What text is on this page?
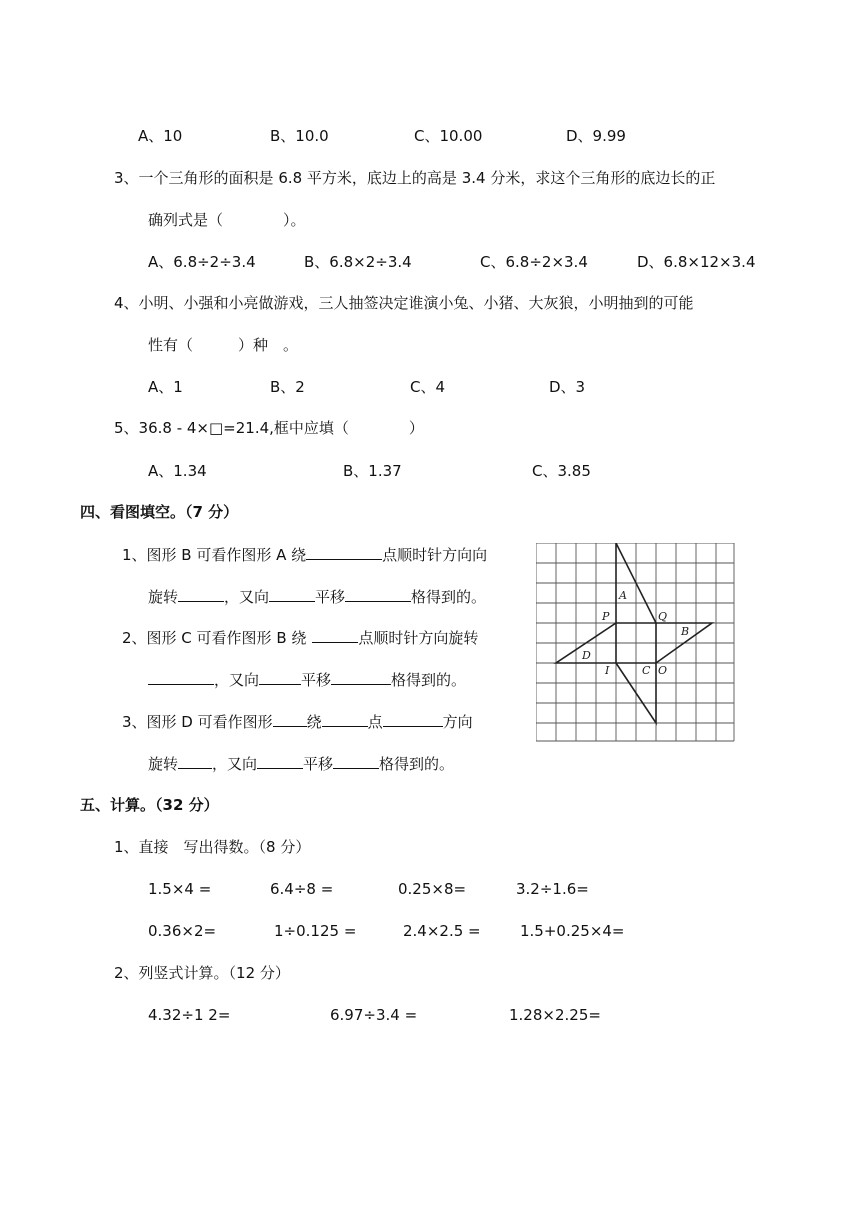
A、10	B、10.0	C、10.00	D、9.99
3、一个三角形的面积是 6.8 平方米，底边上的高是 3.4 分米，求这个三角形的底边长的正
确列式是（　　　　）。
A、6.8÷2÷3.4	B、6.8×2÷3.4	C、6.8÷2×3.4	D、6.8×12×3.4
4、小明、小强和小亮做游戏，三人抽签决定谁演小兔、小猪、大灰狼，小明抽到的可能
性有（　　　）种　。
A、1	B、2	C、4	D、3
5、36.8 - 4×□=21.4,框中应填（　　　　）
A、1.34	B、1.37	C、3.85
四、看图填空。（7 分）
1、图形 B 可看作图形 A 绕	点顺时针方向向
旋转	，又向	平移	格得到的。
2、图形 C 可看作图形 B 绕	点顺时针方向旋转
，又向	平移	格得到的。
3、图形 D 可看作图形 绕	点	方向
旋转 ，又向	平移	格得到的。
A
B
C
D
P	Q
I	O
五、计算。（32 分）
1、直接　写出得数。（8 分）
1.5×4 =	6.4÷8 =	0.25×8=	3.2÷1.6=
0.36×2=	1÷0.125 =	2.4×2.5 =	1.5+0.25×4=
2、列竖式计算。（12 分）
4.32÷1 2=	6.97÷3.4 =	1.28×2.25=
